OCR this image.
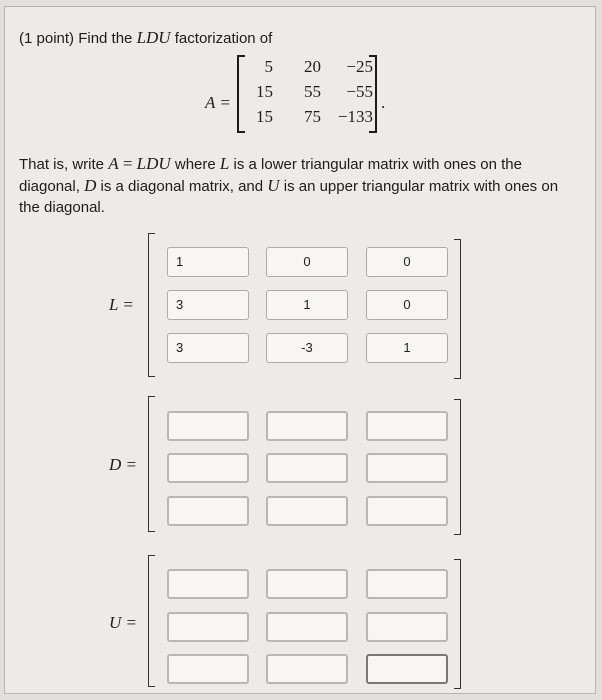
(1 point) Find the LDU factorization of
A =
5	20	−25
15	55	−55
15	75 −133
.
That is, write A = LDU where L is a lower triangular matrix with ones on the diagonal, D is a diagonal matrix, and U is an upper triangular matrix with ones on the diagonal.
L =
1	0	0
3	1	0
3	-3	1
D =
U =
